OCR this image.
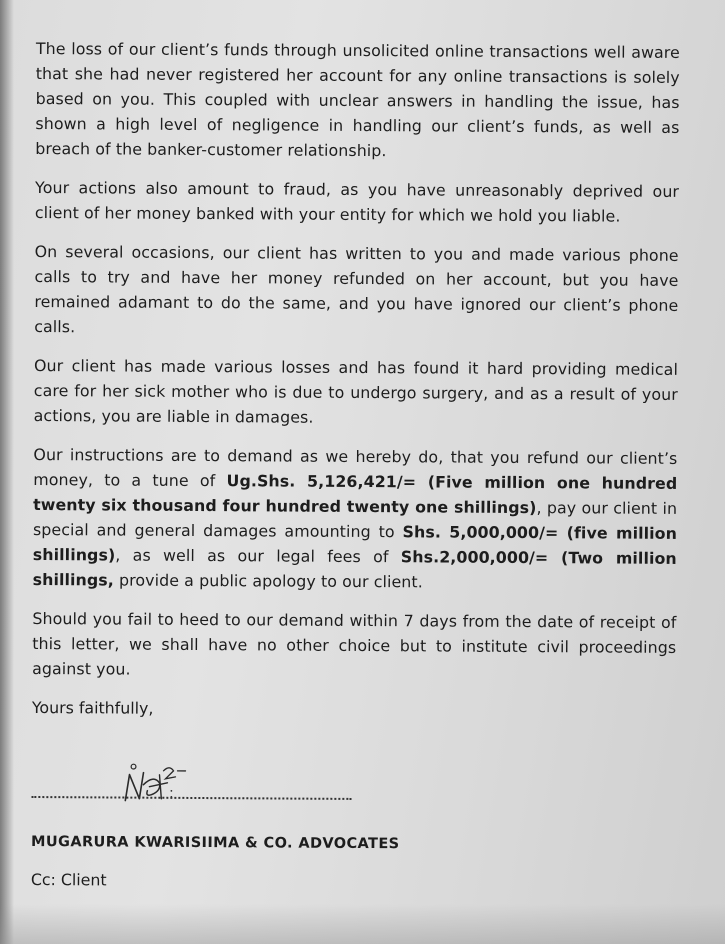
The loss of our client’s funds through unsolicited online transactions well aware that she had never registered her account for any online transactions is solely based on you. This coupled with unclear answers in handling the issue, has shown a high level of negligence in handling our client’s funds, as well as breach of the banker-customer relationship.

Your actions also amount to fraud, as you have unreasonably deprived our client of her money banked with your entity for which we hold you liable.

On several occasions, our client has written to you and made various phone calls to try and have her money refunded on her account, but you have remained adamant to do the same, and you have ignored our client’s phone calls.

Our client has made various losses and has found it hard providing medical care for her sick mother who is due to undergo surgery, and as a result of your actions, you are liable in damages.

Our instructions are to demand as we hereby do, that you refund our client’s money, to a tune of Ug.Shs. 5,126,421/= (Five million one hundred twenty six thousand four hundred twenty one shillings), pay our client in special and general damages amounting to Shs. 5,000,000/= (five million shillings), as well as our legal fees of Shs.2,000,000/= (Two million shillings, provide a public apology to our client.

Should you fail to heed to our demand within 7 days from the date of receipt of this letter, we shall have no other choice but to institute civil proceedings against you.

Yours faithfully,
MUGARURA KWARISIIMA & CO. ADVOCATES
Cc: Client
